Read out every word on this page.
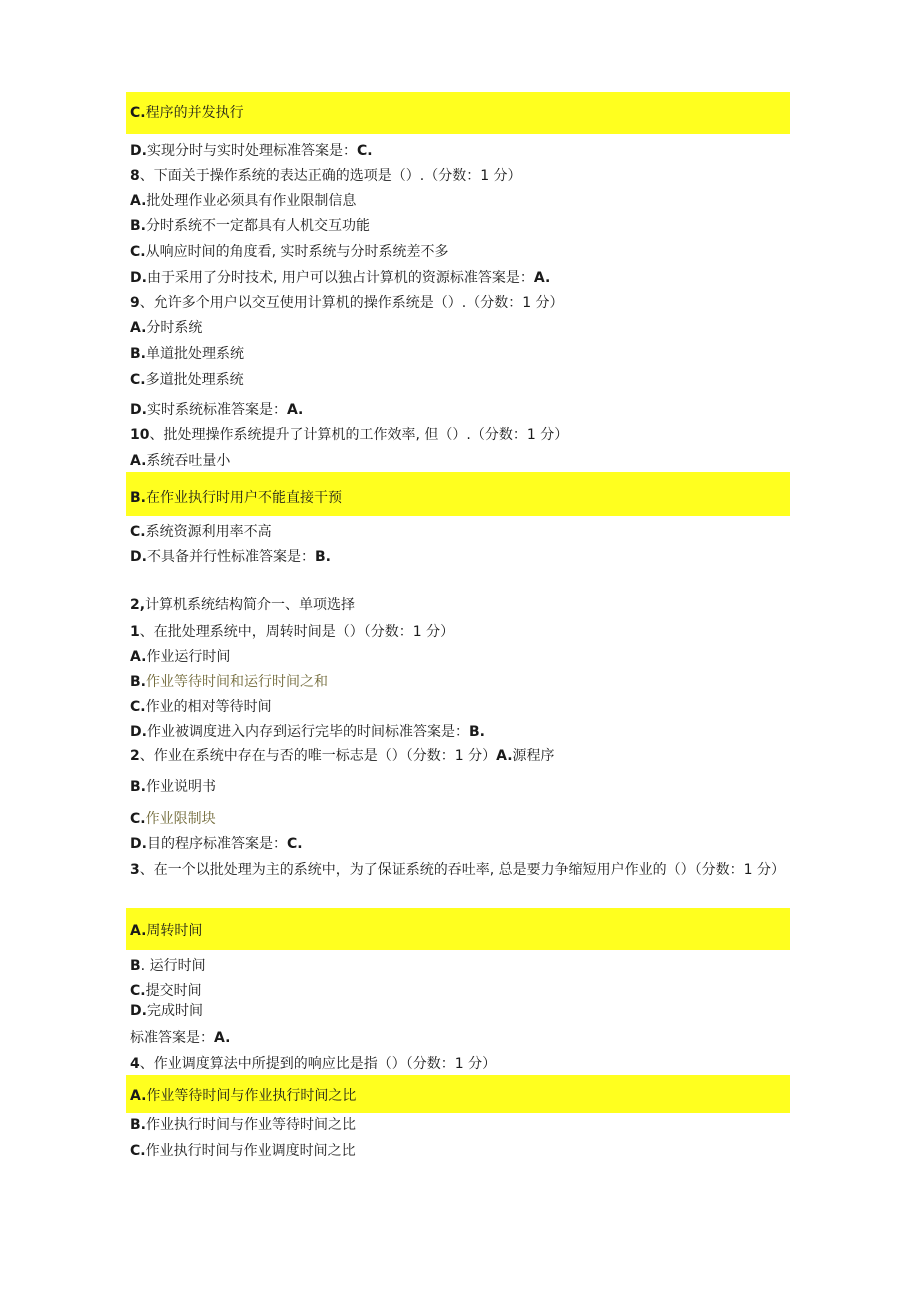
C.程序的并发执行
D.实现分时与实时处理标准答案是：C.
8、下面关于操作系统的表达正确的选项是（）.（分数：1 分）
A.批处理作业必须具有作业限制信息
B.分时系统不一定都具有人机交互功能
C.从响应时间的角度看, 实时系统与分时系统差不多
D.由于采用了分时技术, 用户可以独占计算机的资源标准答案是：A.
9、允许多个用户以交互使用计算机的操作系统是（）.（分数：1 分）
A.分时系统
B.单道批处理系统
C.多道批处理系统
D.实时系统标准答案是：A.
10、批处理操作系统提升了计算机的工作效率, 但（）.（分数：1 分）
A.系统吞吐量小
B.在作业执行时用户不能直接干预
C.系统资源利用率不高
D.不具备并行性标准答案是：B.
2,计算机系统结构简介一、单项选择
1、在批处理系统中，周转时间是（）（分数：1 分）
A.作业运行时间
B.作业等待时间和运行时间之和
C.作业的相对等待时间
D.作业被调度进入内存到运行完毕的时间标准答案是：B.
2、作业在系统中存在与否的唯一标志是（）（分数：1 分）A.源程序
B.作业说明书
C.作业限制块
D.目的程序标准答案是：C.
3、在一个以批处理为主的系统中，为了保证系统的吞吐率, 总是要力争缩短用户作业的（）（分数：1 分）
A.周转时间
B. 运行时间
C.提交时间
D.完成时间
标准答案是：A.
4、作业调度算法中所提到的响应比是指（）（分数：1 分）
A.作业等待时间与作业执行时间之比
B.作业执行时间与作业等待时间之比
C.作业执行时间与作业调度时间之比
